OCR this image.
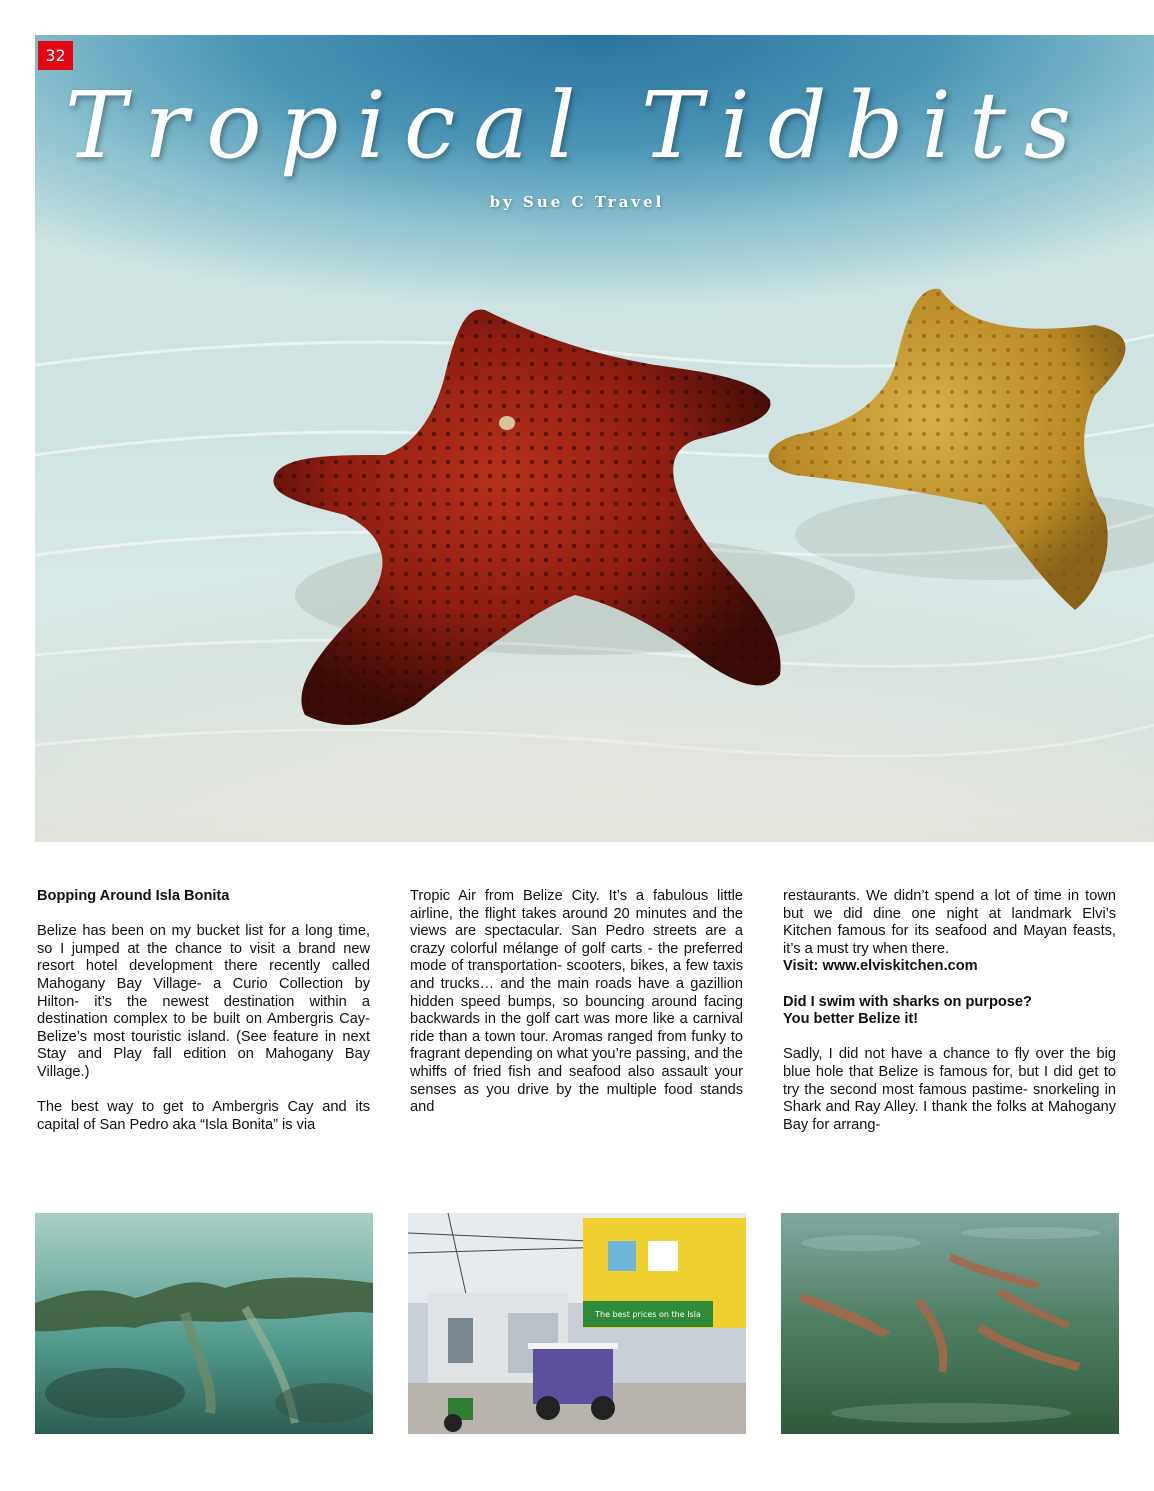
32
Tropical Tidbits
by Sue C Travel

Bopping Around Isla Bonita

Belize has been on my bucket list for a long time, so I jumped at the chance to visit a brand new resort hotel development there recently called Mahogany Bay Village- a Curio Collection by Hilton- it’s the newest destination within a destination complex to be built on Ambergris Cay- Belize’s most touristic island. (See feature in next Stay and Play fall edition on Mahogany Bay Village.)

The best way to get to Ambergris Cay and its capital of San Pedro aka “Isla Bonita” is via

Tropic Air from Belize City. It’s a fabulous little airline, the flight takes around 20 minutes and the views are spectacular. San Pedro streets are a crazy colorful mélange of golf carts - the preferred mode of transportation- scooters, bikes, a few taxis and trucks… and the main roads have a gazillion hidden speed bumps, so bouncing around facing backwards in the golf cart was more like a carnival ride than a town tour. Aromas ranged from funky to fragrant depending on what you’re passing, and the whiffs of fried fish and seafood also assault your senses as you drive by the multiple food stands and

restaurants. We didn’t spend a lot of time in town but we did dine one night at landmark Elvi’s Kitchen famous for its seafood and Mayan feasts, it’s a must try when there.

Visit: www.elviskitchen.com

Did I swim with sharks on purpose?

You better Belize it!

Sadly, I did not have a chance to fly over the big blue hole that Belize is famous for, but I did get to try the second most famous pastime- snorkeling in Shark and Ray Alley. I thank the folks at Mahogany Bay for arrang-

The best prices on the Isla
